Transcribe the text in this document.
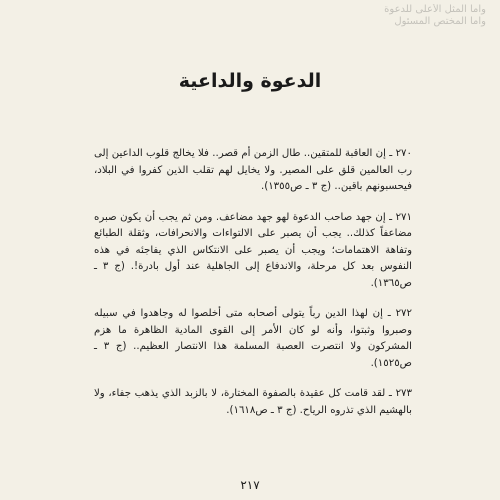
واما المثل الأعلى للدعوة
واما المختص المسئول
الدعوة والداعية

٢٧٠ ـ إن العاقبة للمتقين.. طال الزمن أم قصر.. فلا يخالج قلوب الداعين إلى رب العالمين قلق على المصير. ولا يخايل لهم تقلب الذين كفروا في البلاد، فيحسبونهم باقين.. (ج ٣ ـ ص١٣٥٥).

٢٧١ ـ إن جهد صاحب الدعوة لهو جهد مضاعف. ومن ثم يجب أن يكون صبره مضاعفاً كذلك.. يجب أن يصبر على الالتواءات والانحرافات، وثقلة الطبائع وتفاهة الاهتمامات؛ ويجب أن يصبر على الانتكاس الذي يفاجئه في هذه النفوس بعد كل مرحلة، والاندفاع إلى الجاهلية عند أول بادرة!. (ج ٣ ـ ص١٣٦٥).

٢٧٢ ـ إن لهذا الدين رباً يتولى أصحابه متى أخلصوا له وجاهدوا في سبيله وصبروا وثبتوا، وأنه لو كان الأمر إلى القوى المادية الظاهرة ما هزم المشركون ولا انتصرت العصبة المسلمة هذا الانتصار العظيم.. (ج ٣ ـ ص١٥٢٥).

٢٧٣ ـ لقد قامت كل عقيدة بالصفوة المختارة، لا بالزبد الذي يذهب جفاء، ولا بالهشيم الذي تذروه الرياح. (ج ٣ ـ ص١٦١٨).

٢١٧
